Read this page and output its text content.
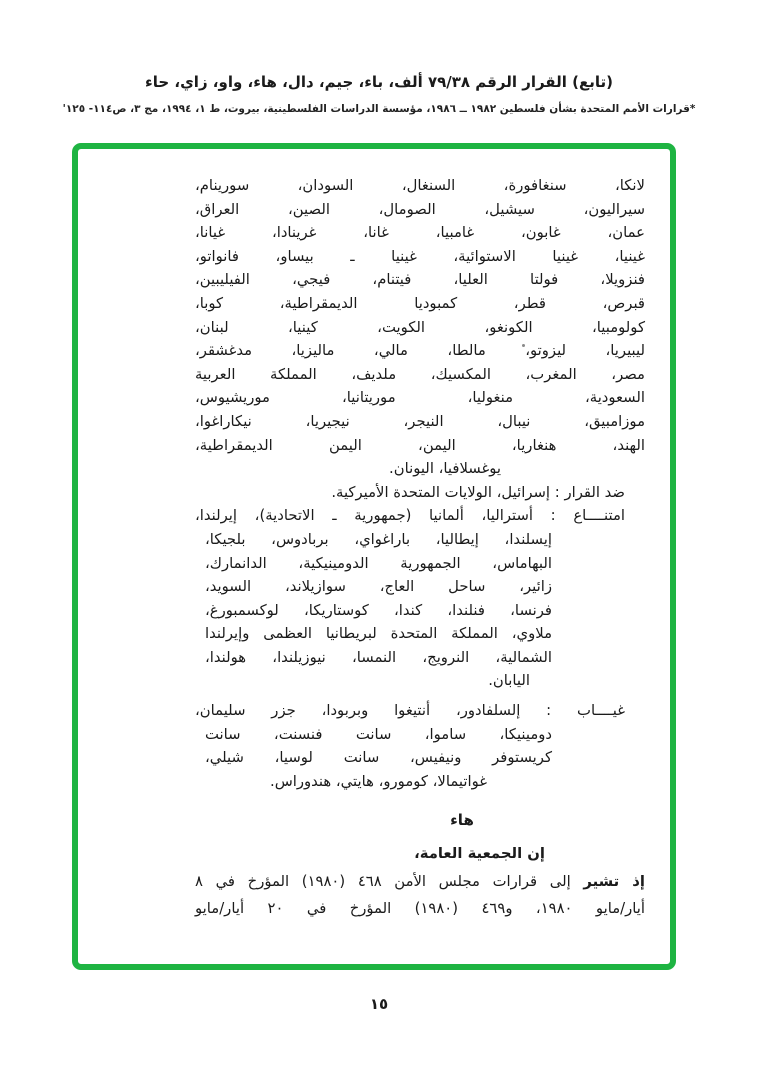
(تابع) القرار الرقم ٧٩/٣٨ ألف، باء، جيم، دال، هاء، واو، زاي، حاء
*قرارات الأمم المتحدة بشأن فلسطين ١٩٨٢ ــ ١٩٨٦، مؤسسة الدراسات الفلسطينية، بيروت، ط ١، ١٩٩٤، مج ٣، ص١١٤- ١٢٥'
لانكا، سنغافورة، السنغال، السودان، سورينام،
سيراليون، سيشيل، الصومال، الصين، العراق،
عمان، غابون، غامبيا، غانا، غرينادا، غيانا،
غينيا، غينيا الاستوائية، غينيا ـ بيساو، فانواتو،
فنزويلا، فولتا العليا، فيتنام، فيجي، الفيليبين،
قبرص، قطر، كمبوديا الديمقراطية، كوبا،
كولومبيا، الكونغو، الكويت، كينيا، لبنان،
ليبيريا، ليزوتو، مالطا، مالي، ماليزيا، مدغشقر،
مصر، المغرب، المكسيك، ملديف، المملكة العربية
السعودية، منغوليا، موريتانيا، موريشيوس،
موزامبيق، نيبال، النيجر، نيجيريا، نيكاراغوا،
الهند، هنغاريا، اليمن، اليمن الديمقراطية،
يوغسلافيا، اليونان.
ضد القرار : إسرائيل، الولايات المتحدة الأميركية.
امتنــــاع : أستراليا، ألمانيا (جمهورية ـ الاتحادية)، إيرلندا،
إيسلندا، إيطاليا، باراغواي، بربادوس، بلجيكا،
البهاماس، الجمهورية الدومينيكية، الدانمارك،
زائير، ساحل العاج، سوازيلاند، السويد،
فرنسا، فنلندا، كندا، كوستاريكا، لوكسمبورغ،
ملاوي، المملكة المتحدة لبريطانيا العظمى وإيرلندا
الشمالية، النرويج، النمسا، نيوزيلندا، هولندا،
اليابان.
غيــــاب : إلسلفادور، أنتيغوا وبربودا، جزر سليمان،
دومينيكا، ساموا، سانت فنسنت، سانت
كريستوفر ونيفيس، سانت لوسيا، شيلي،
غواتيمالا، كومورو، هايتي، هندوراس.
هاء
إن الجمعية العامة،
إذ تشير إلى قرارات مجلس الأمن ٤٦٨ (١٩٨٠) المؤرخ في ٨
أيار/مايو ١٩٨٠، و٤٦٩ (١٩٨٠) المؤرخ في ٢٠ أيار/مايو
١٥
